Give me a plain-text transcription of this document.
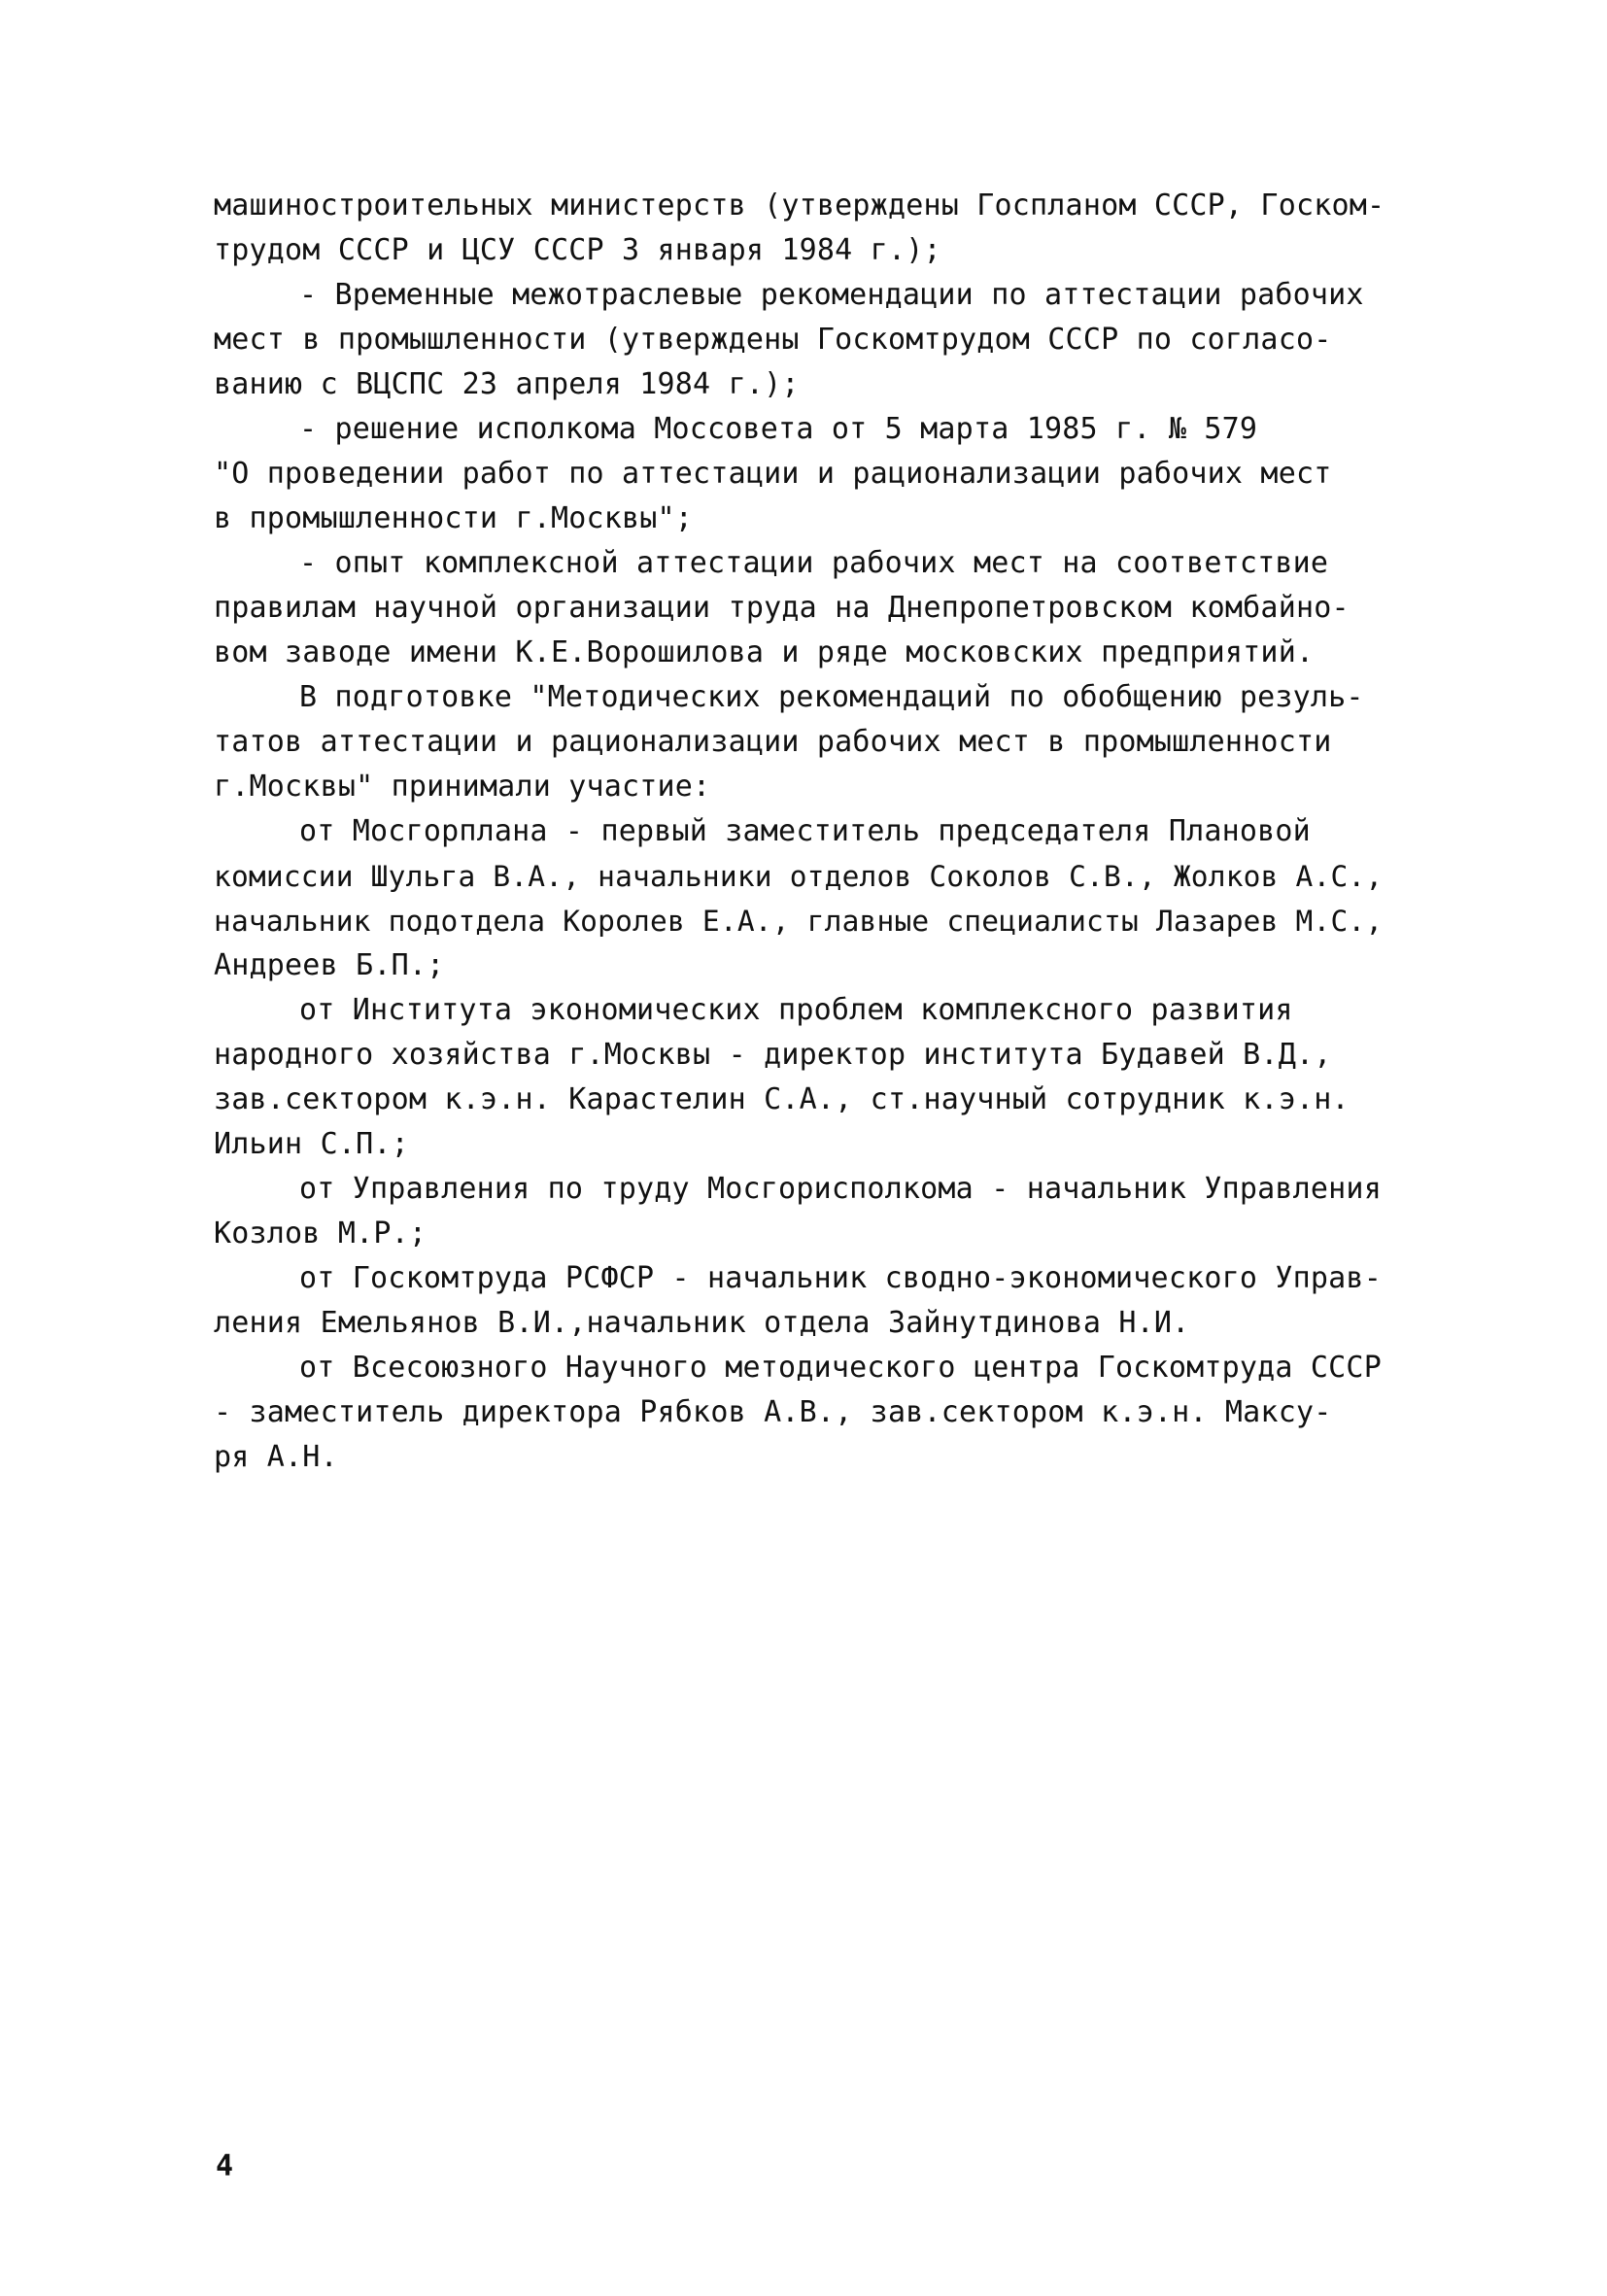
машиностроительных министерств (утверждены Госпланом СССР, Госком-
трудом СССР и ЦСУ СССР 3 января 1984 г.);
- Временные межотраслевые рекомендации по аттестации рабочих
мест в промышленности (утверждены Госкомтрудом СССР по согласо-
ванию с ВЦСПС 23 апреля 1984 г.);
- решение исполкома Моссовета от 5 марта 1985 г. № 579
"О проведении работ по аттестации и рационализации рабочих мест
в промышленности г.Москвы";
- опыт комплексной аттестации рабочих мест на соответствие
правилам научной организации труда на Днепропетровском комбайно-
вом заводе имени К.Е.Ворошилова и ряде московских предприятий.
В подготовке "Методических рекомендаций по обобщению резуль-
татов аттестации и рационализации рабочих мест в промышленности
г.Москвы" принимали участие:
от Мосгорплана - первый заместитель председателя Плановой
комиссии Шульга В.А., начальники отделов Соколов С.В., Жолков А.С.,
начальник подотдела Королев Е.А., главные специалисты Лазарев М.С.,
Андреев Б.П.;
от Института экономических проблем комплексного развития
народного хозяйства г.Москвы - директор института Будавей В.Д.,
зав.сектором к.э.н. Карастелин С.А., ст.научный сотрудник к.э.н.
Ильин С.П.;
от Управления по труду Мосгорисполкома - начальник Управления
Козлов М.Р.;
от Госкомтруда РСФСР - начальник сводно-экономического Управ-
ления Емельянов В.И.,начальник отдела Зайнутдинова Н.И.
от Всесоюзного Научного методического центра Госкомтруда СССР
- заместитель директора Рябков А.В., зав.сектором к.э.н. Максу-
ря А.Н.
4
